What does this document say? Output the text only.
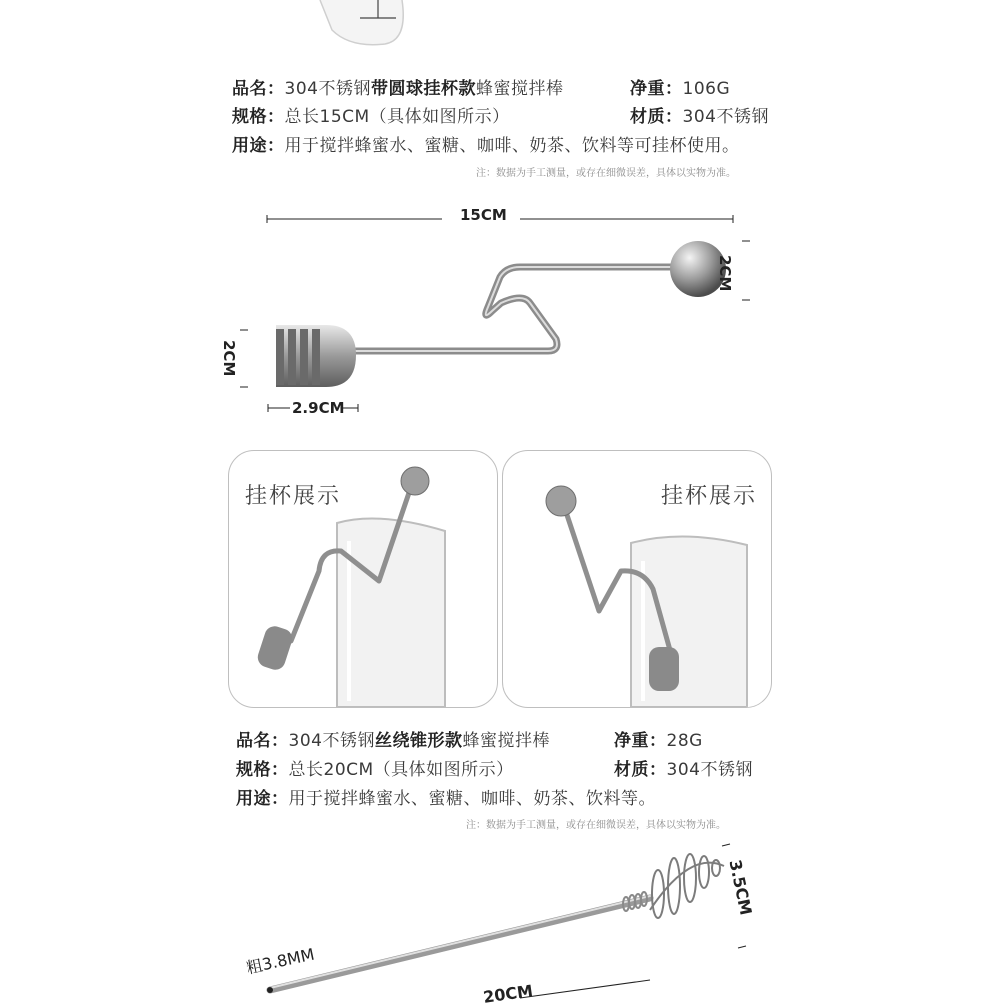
品名：304不锈钢带圆球挂杯款蜂蜜搅拌棒	净重：106G
规格：总长15CM（具体如图所示）	材质：304不锈钢
用途：用于搅拌蜂蜜水、蜜糖、咖啡、奶茶、饮料等可挂杯使用。
注：数据为手工测量，或存在细微误差，具体以实物为准。
15CM
2CM
2CM
2.9CM
挂杯展示	挂杯展示
品名：304不锈钢丝绕锥形款蜂蜜搅拌棒	净重：28G
规格：总长20CM（具体如图所示）	材质：304不锈钢
用途：用于搅拌蜂蜜水、蜜糖、咖啡、奶茶、饮料等。
注：数据为手工测量，或存在细微误差，具体以实物为准。
3.5CM
粗3.8MM
20CM
